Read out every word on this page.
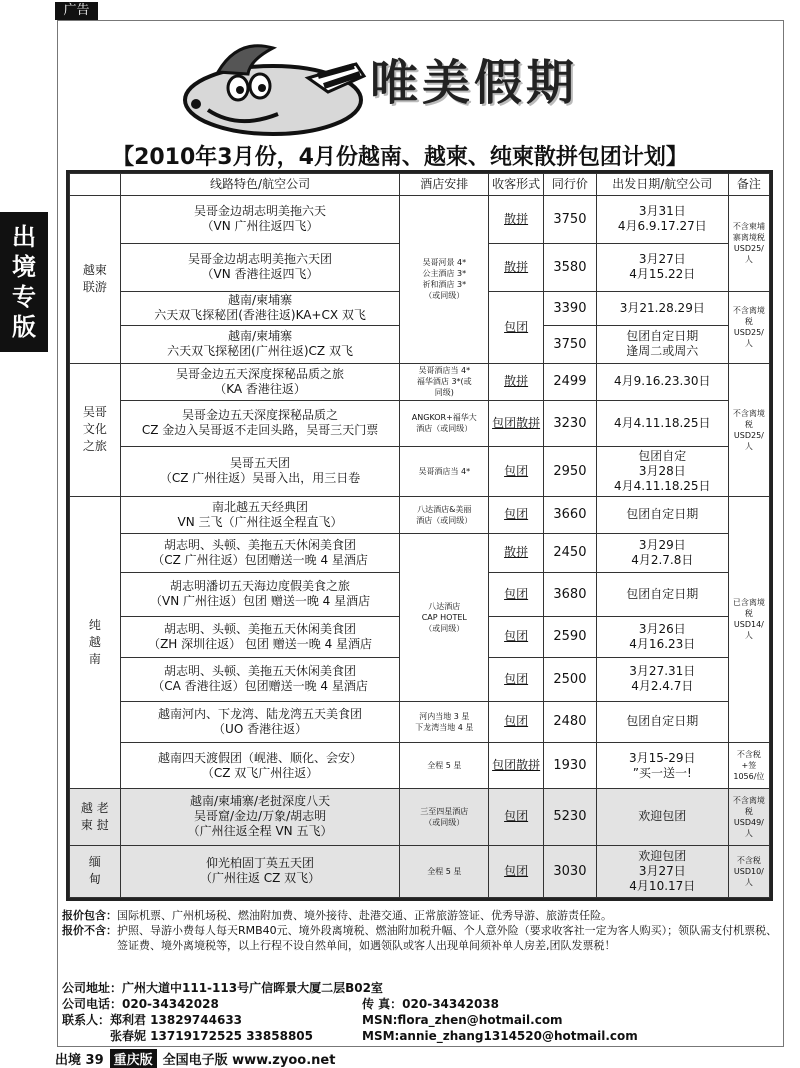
广告
出
境
专
版
唯美假期
【2010年3月份，4月份越南、越柬、纯柬散拼包团计划】
	线路特色/航空公司	酒店安排	收客形式	同行价	出发日期/航空公司	备注

越柬
联游	吴哥金边胡志明美拖六天
（VN 广州往返四飞）	吴哥河景 4*
公主酒店 3*
祈和酒店 3*
（或同级）	散拼	3750	3月31日
4月6.9.17.27日	不含柬埔寨离境税USD25/人

	吴哥金边胡志明美拖六天团
（VN 香港往返四飞）		散拼	3580	3月27日
4月15.22日	

	越南/柬埔寨
六天双飞探秘团(香港往返)KA+CX 双飞		包团	3390	3月21.28.29日	不含离境税USD25/人

	越南/柬埔寨
六天双飞探秘团(广州往返)CZ 双飞			3750	包团自定日期
逢周二或周六	

吴哥
文化
之旅	吴哥金边五天深度探秘品质之旅
（KA 香港往返）	吴哥酒店当 4*
福华酒店 3*(或
同级)	散拼	2499	4月9.16.23.30日	不含离境税USD25/人

	吴哥金边五天深度探秘品质之
CZ 金边入吴哥返不走回头路，吴哥三天门票	ANGKOR+福华大
酒店（或同级）	包团散拼	3230	4月4.11.18.25日	

	吴哥五天团
（CZ 广州往返）吴哥入出，用三日卷	吴哥酒店当 4*	包团	2950	包团自定
3月28日
4月4.11.18.25日	

纯
越
南	南北越五天经典团
VN 三飞（广州往返全程直飞）	八达酒店&美丽
酒店（或同级）	包团	3660	包团自定日期	已含离境税USD14/人

	胡志明、头顿、美拖五天休闲美食团
（CZ 广州往返）包团赠送一晚 4 星酒店	八达酒店
CAP HOTEL
（或同级）	散拼	2450	3月29日
4月2.7.8日	

	胡志明潘切五天海边度假美食之旅
（VN 广州往返）包团 赠送一晚 4 星酒店		包团	3680	包团自定日期	

	胡志明、头顿、美拖五天休闲美食团
（ZH 深圳往返） 包团 赠送一晚 4 星酒店		包团	2590	3月26日
4月16.23日	

	胡志明、头顿、美拖五天休闲美食团
（CA 香港往返）包团赠送一晚 4 星酒店		包团	2500	3月27.31日
4月2.4.7日	

	越南河内、下龙湾、陆龙湾五天美食团
（UO 香港往返）	河内当地 3 星
下龙湾当地 4 星	包团	2480	包团自定日期	

	越南四天渡假团（岘港、顺化、会安）
（CZ 双飞广州往返）	全程 5 星	包团散拼	1930	3月15-29日
”买一送一!	不含税+签1056/位

越 老
柬 挝	越南/柬埔寨/老挝深度八天
吴哥窟/金边/万象/胡志明
（广州往返全程 VN 五飞）	三至四星酒店
（或同级）	包团	5230	欢迎包团	不含离境税USD49/人

缅
甸	仰光柏固丁英五天团
（广州往返 CZ 双飞）	全程 5 星	包团	3030	欢迎包团
3月27日
4月10.17日	不含税USD10/人
报价包含： 国际机票、广州机场税、燃油附加费、境外接待、赴港交通、正常旅游签证、优秀导游、旅游责任险。
报价不含： 护照、导游小费每人每天RMB40元、境外段离境税、燃油附加税升幅、个人意外险（要求收客社一定为客人购买）；领队需支付机票税、签证费、境外离境税等，以上行程不设自然单间，如遇领队或客人出现单间须补单人房差,团队发票税！
公司地址：广州大道中111-113号广信晖景大厦二层B02室
公司电话：020-34342028	传 真：020-34342038
联系人：郑利君 13829744633	MSN:flora_zhen@hotmail.com
张春妮 13719172525 33858805	MSM:annie_zhang1314520@hotmail.com
出境 39 重庆版 全国电子版 www.zyoo.net
